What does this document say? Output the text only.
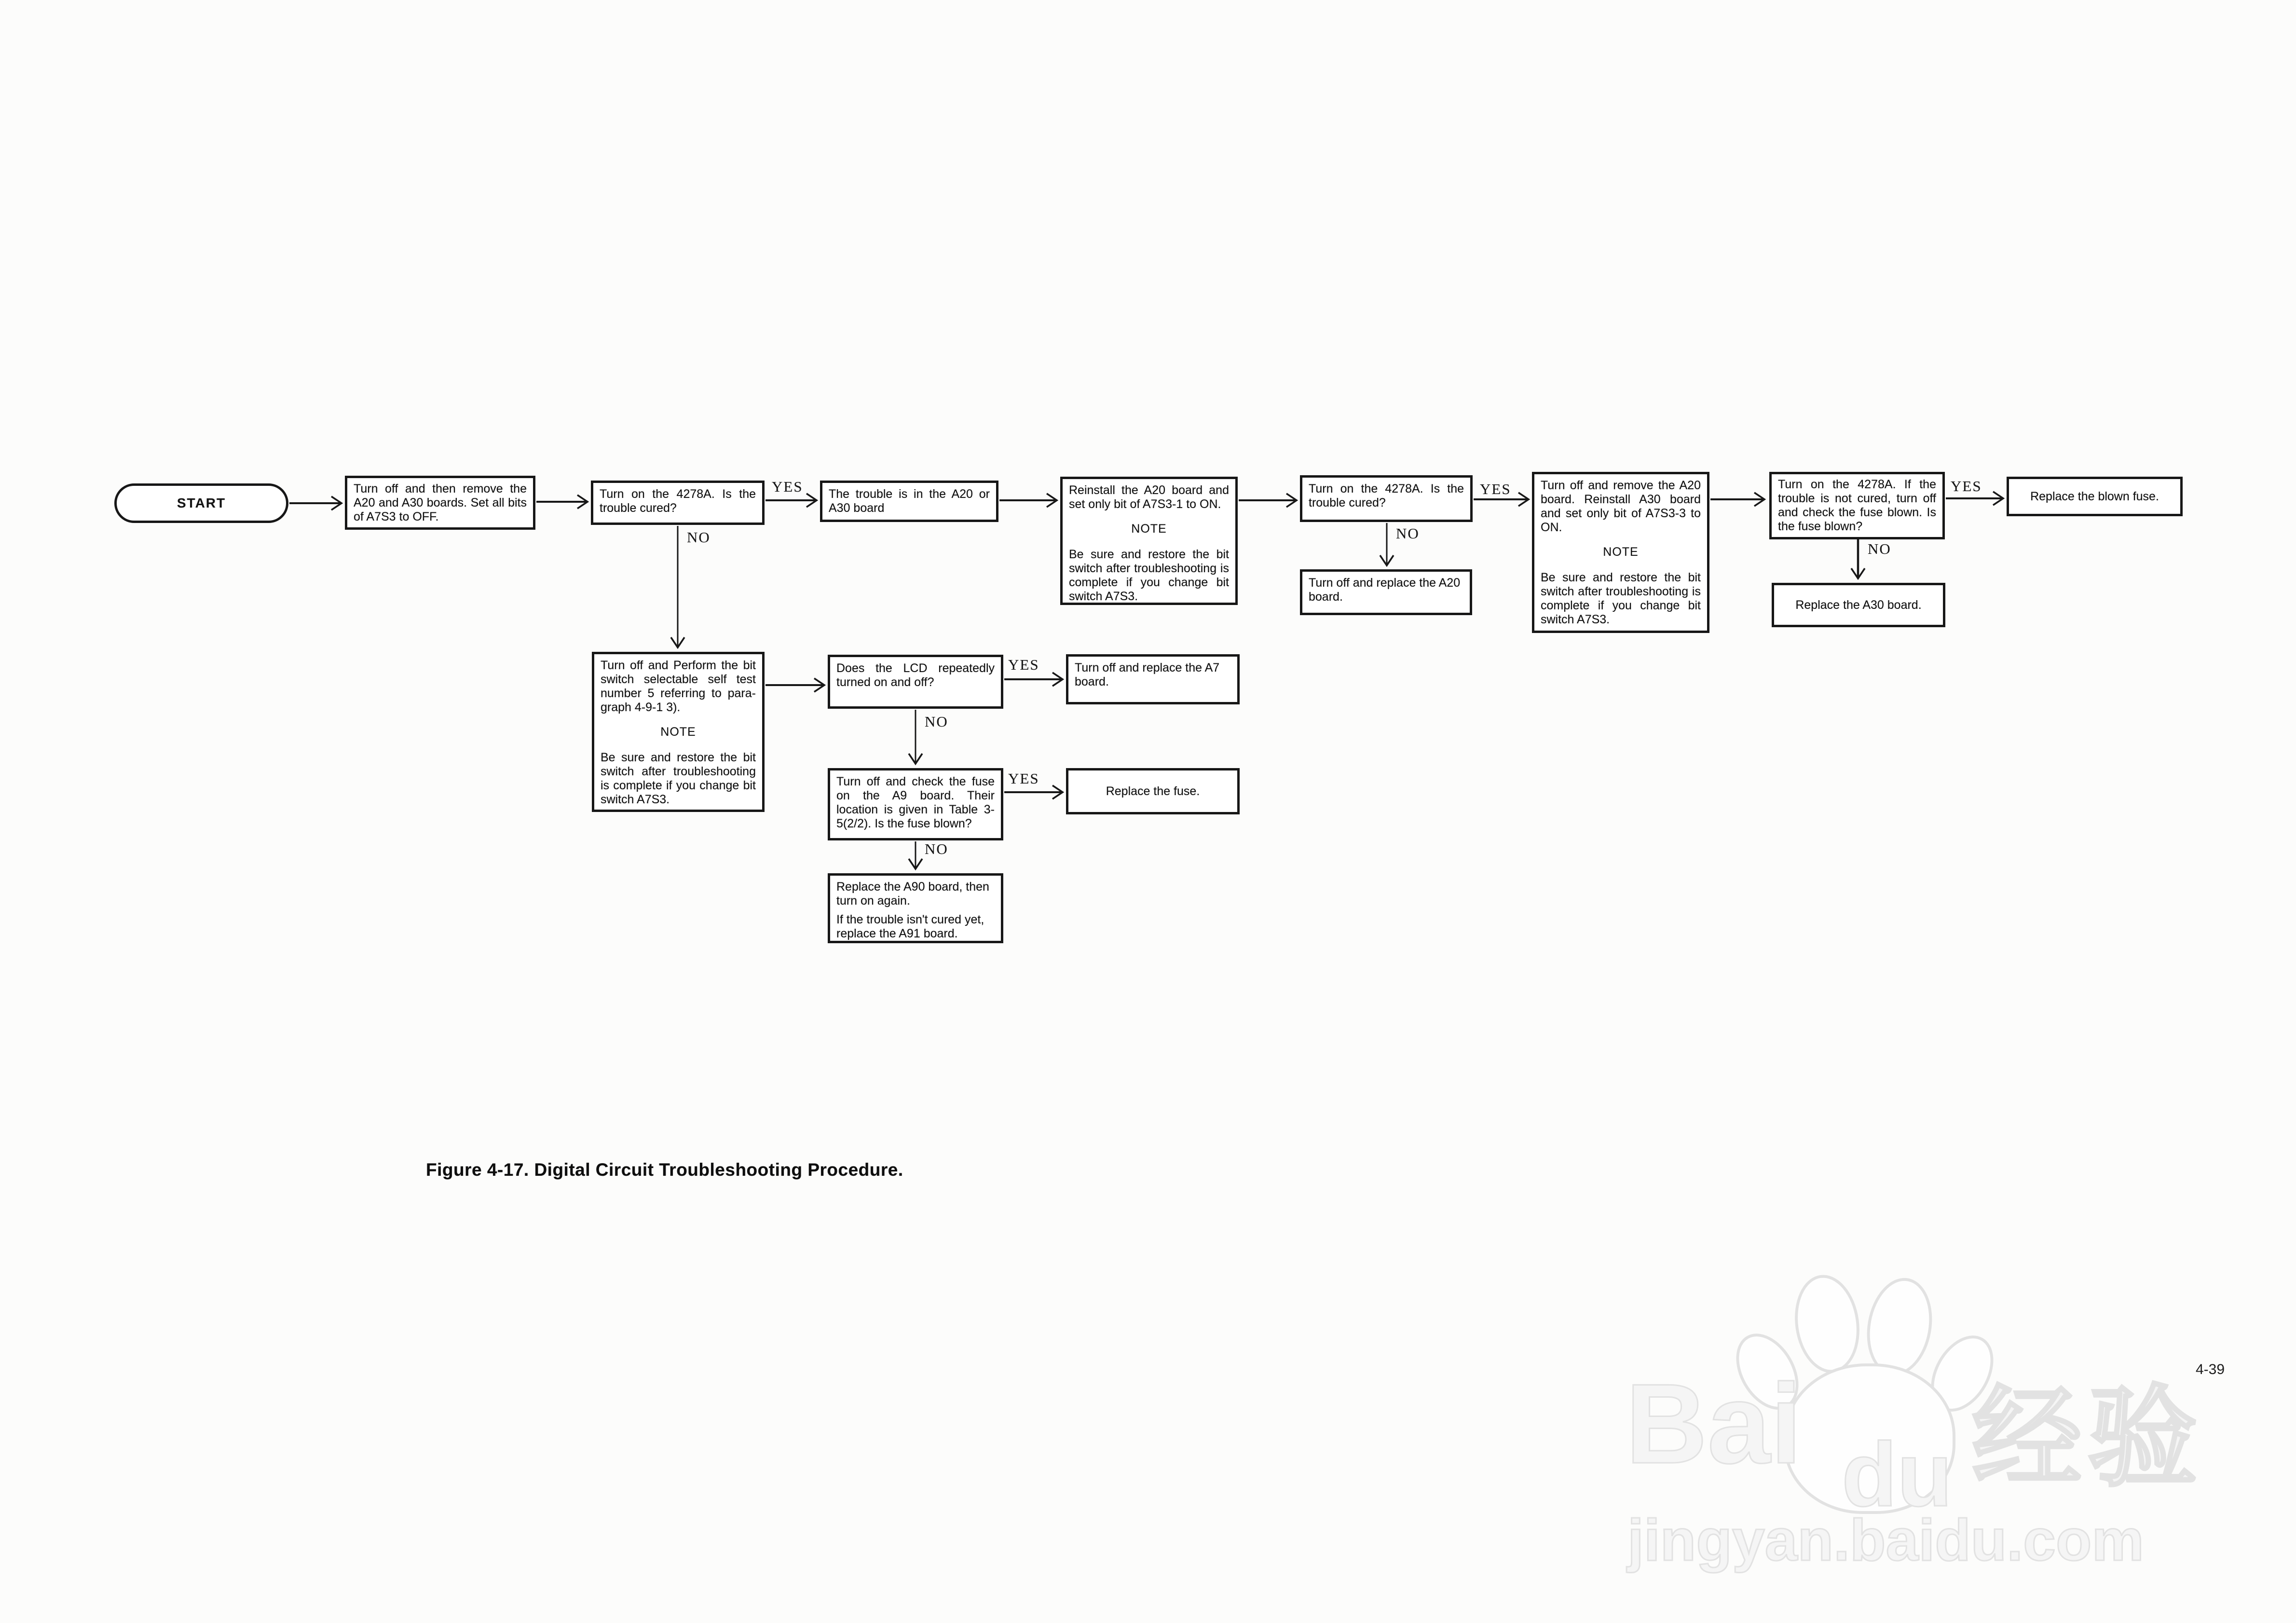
START
Turn off and then remove the A20 and A30 boards. Set all bits of A7S3 to OFF.
Turn on the 4278A. Is the trouble cured?
The trouble is in the A20 or A30 board
Reinstall the A20 board and set only bit of A7S3-1 to ON.
NOTE
Be sure and restore the bit switch after troubleshooting is complete if you change bit switch A7S3.
Turn on the 4278A. Is the trouble cured?
Turn off and replace the A20 board.
Turn off and remove the A20 board. Reinstall A30 board and set only bit of A7S3-3 to ON.
NOTE
Be sure and restore the bit switch after troubleshooting is complete if you change bit switch A7S3.
Turn on the 4278A. If the trouble is not cured, turn off and check the fuse blown. Is the fuse blown?
Replace the blown fuse.
Replace the A30 board.
Turn off and Perform the bit switch selectable self test number 5 referring to para-graph 4-9-1 3).
NOTE
Be sure and restore the bit switch after troubleshooting is complete if you change bit switch A7S3.
Does the LCD repeatedly turned on and off?
Turn off and replace the A7 board.
Turn off and check the fuse on the A9 board. Their location is given in Table 3-5(2/2). Is the fuse blown?
Replace the fuse.
Replace the A90 board, then turn on again.
If the trouble isn't cured yet, replace the A91 board.
YES	YES	YES
YES
YES
NO	NO
NO
NO
NO
Figure 4-17. Digital Circuit Troubleshooting Procedure.
4-39
Bai du 经验
jingyan.baidu.com
